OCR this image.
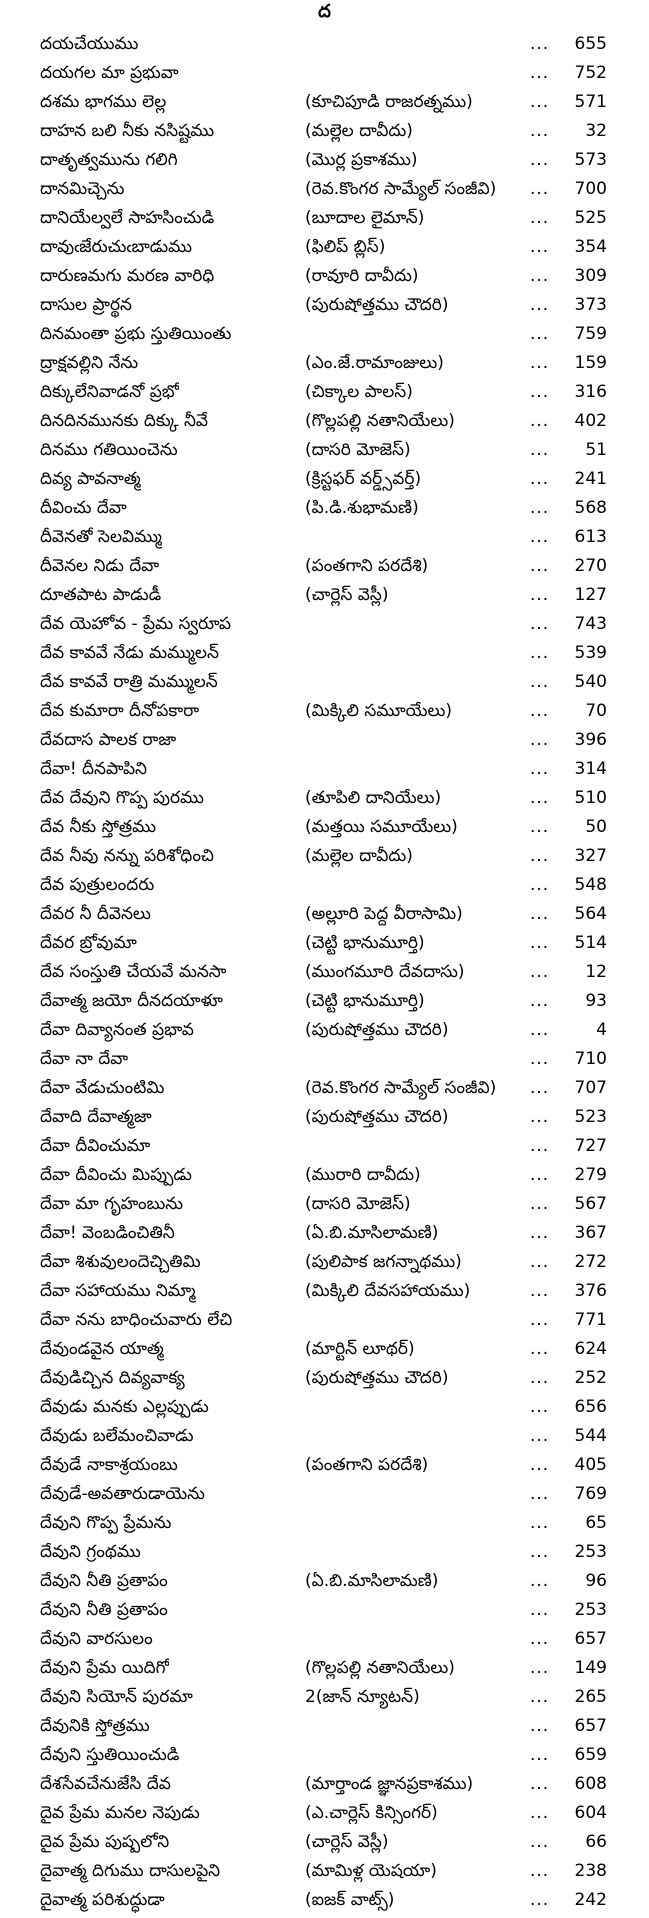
ద
దయచేయుము	...	655
దయగల మా ప్రభువా	...	752
దశమ భాగము లెల్ల	(కూచిపూడి రాజరత్నము)	...	571
దాహన బలి నీకు నసిష్టము	(మల్లెల దావీదు)	...	32
దాతృత్వమును గలిగి	(మొర్ల ప్రకాశము)	...	573
దానమిచ్చెను	(రెవ.కొంగర సామ్యేల్ సంజీవి) ...	700
దానియేల్వలే సాహసించుడి	(బూదాల లైమాన్)	...	525
దావుఁజేరుచుఁబాడుము	(ఫిలిప్ బ్లిస్)	...	354
దారుణమగు మరణ వారిధి	(రావూరి దావీదు)	...	309
దాసుల ప్రార్థన	(పురుషోత్తము చౌదరి)	...	373
దినమంతా ప్రభు స్తుతియింతు	...	759
ద్రాక్షవల్లిని నేను	(ఎం.జే.రామాంజులు)	...	159
దిక్కులేనివాడనో ప్రభో	(చిక్కాల పాలస్)	...	316
దినదినమునకు దిక్కు నీవే	(గొల్లపల్లి నతానియేలు)	...	402
దినము గతియించెను	(దాసరి మోజెస్)	...	51
దివ్య పావనాత్మ	(క్రిస్టఫర్ వర్డ్స్‌వర్త్)	...	241
దీవించు దేవా	(పి.డి.శుభామణి)	...	568
దీవెనతో సెలవిమ్ము	...	613
దీవెనల నిడు దేవా	(పంతగాని పరదేశి)	...	270
దూతపాట పాడుడీ	(చార్లెస్ వెస్లీ)	...	127
దేవ యెహోవ - ప్రేమ స్వరూప	...	743
దేవ కావవే నేడు మమ్ములన్	...	539
దేవ కావవే రాత్రి మమ్ములన్	...	540
దేవ కుమారా దీనోపకారా	(మిక్కిలి సమూయేలు)	...	70
దేవదాస పాలక రాజా	...	396
దేవా! దీనపాపిని	...	314
దేవ దేవుని గొప్ప పురము	(తూపిలి దానియేలు)	...	510
దేవ నీకు స్తోత్రము	(మత్తయి సమూయేలు)	...	50
దేవ నీవు నన్ను పరిశోధించి	(మల్లెల దావీదు)	...	327
దేవ పుత్రులందరు	...	548
దేవర నీ దీవెనలు	(అల్లూరి పెద్ద వీరాసామి)	...	564
దేవర బ్రోవుమా	(చెట్టి భానుమూర్తి)	...	514
దేవ సంస్తుతి చేయవే మనసా	(ముంగమూరి దేవదాసు)	...	12
దేవాత్మ జయో దీనదయాళూ	(చెట్టి భానుమూర్తి)	...	93
దేవా దివ్యానంత ప్రభావ	(పురుషోత్తము చౌదరి)	...	4
దేవా నా దేవా	...	710
దేవా వేడుచుంటిమి	(రెవ.కొంగర సామ్యేల్ సంజీవి) ...	707
దేవాది దేవాత్మజా	(పురుషోత్తము చౌదరి)	...	523
దేవా దీవించుమా	...	727
దేవా దీవించు మిప్పుడు	(మురారి దావీదు)	...	279
దేవా మా గృహంబును	(దాసరి మోజెస్)	...	567
దేవా! వెంబడించితినీ	(ఏ.బి.మాసిలామణి)	...	367
దేవా శిశువులందెచ్చితిమి	(పులిపాక జగన్నాథము)	...	272
దేవా సహాయము నిమ్మా	(మిక్కిలి దేవసహాయము)	...	376
దేవా నను బాధించువారు లేచి	...	771
దేవుండవైన యాత్మ	(మార్టిన్ లూథర్)	...	624
దేవుడిచ్చిన దివ్యవాక్య	(పురుషోత్తము చౌదరి)	...	252
దేవుడు మనకు ఎల్లప్పుడు	...	656
దేవుడు బలేమంచివాడు	...	544
దేవుడే నాకాశ్రయంబు	(పంతగాని పరదేశి)	...	405
దేవుడే-అవతారుడాయెను	...	769
దేవుని గొప్ప ప్రేమను	...	65
దేవుని గ్రంథము	...	253
దేవుని నీతి ప్రతాపం	(ఏ.బి.మాసిలామణి)	...	96
దేవుని నీతి ప్రతాపం	...	253
దేవుని వారసులం	...	657
దేవుని ప్రేమ యిదిగో	(గొల్లపల్లి నతానియేలు)	...	149
దేవుని సియోన్ పురమా	2(జాన్ న్యూటన్)	...	265
దేవునికి స్తోత్రము	...	657
దేవుని స్తుతియించుడి	...	659
దేశసేవచేనుజేసి దేవ	(మార్తాండ జ్ఞానప్రకాశము)	...	608
దైవ ప్రేమ మనల నెపుడు	(ఎ.చార్లెస్ కిన్సింగర్)	...	604
దైవ ప్రేమ పుష్పలోని	(చార్లెస్ వెస్లీ)	...	66
దైవాత్మ దిగుము దాసులపైని	(మామిళ్ల యెషయా)	...	238
దైవాత్మ పరిశుద్ధుడా	(ఐజక్ వాట్స్)	...	242
